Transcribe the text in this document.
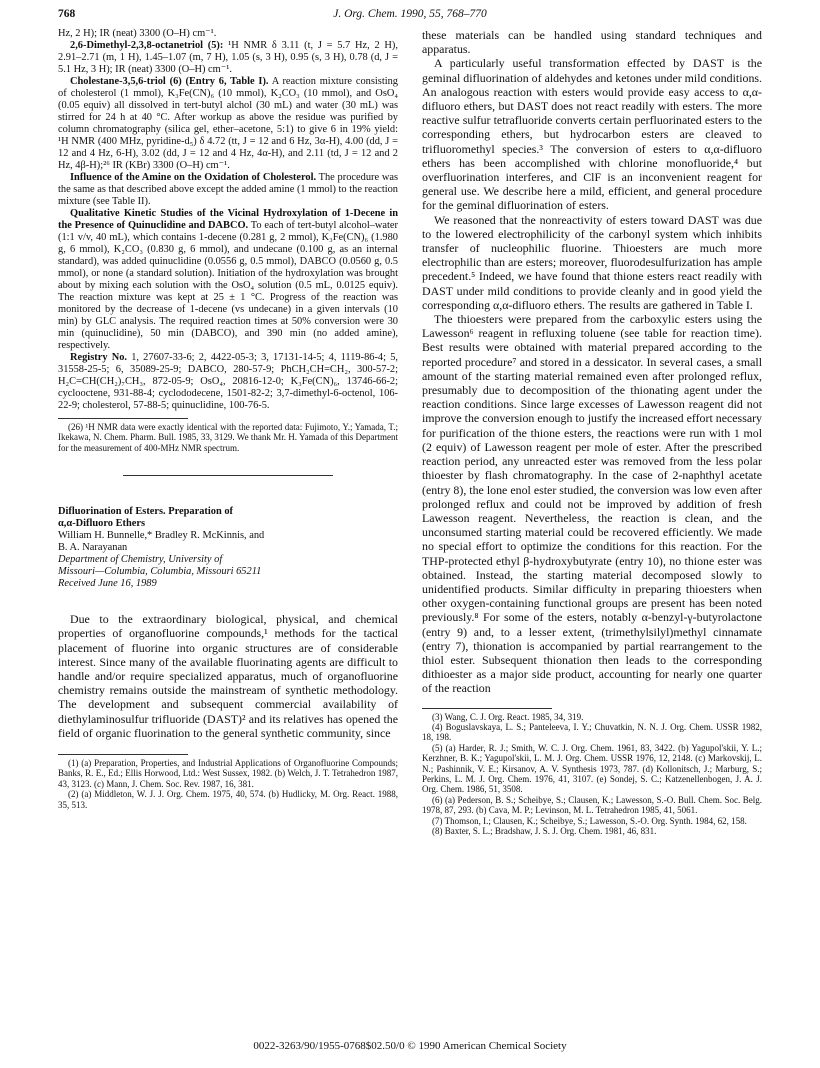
768	J. Org. Chem. 1990, 55, 768–770

Hz, 2 H); IR (neat) 3300 (O–H) cm⁻¹.

2,6-Dimethyl-2,3,8-octanetriol (5): ¹H NMR δ 3.11 (t, J = 5.7 Hz, 2 H), 2.91–2.71 (m, 1 H), 1.45–1.07 (m, 7 H), 1.05 (s, 3 H), 0.95 (s, 3 H), 0.78 (d, J = 5.1 Hz, 3 H); IR (neat) 3300 (O–H) cm⁻¹.

Cholestane-3,5,6-triol (6) (Entry 6, Table I). A reaction mixture consisting of cholesterol (1 mmol), K₃Fe(CN)₆ (10 mmol), K₂CO₃ (10 mmol), and OsO₄ (0.05 equiv) all dissolved in tert-butyl alchol (30 mL) and water (30 mL) was stirred for 24 h at 40 °C. After workup as above the residue was purified by column chromatography (silica gel, ether–acetone, 5:1) to give 6 in 19% yield: ¹H NMR (400 MHz, pyridine-d₅) δ 4.72 (tt, J = 12 and 6 Hz, 3α-H), 4.00 (dd, J = 12 and 4 Hz, 6-H), 3.02 (dd, J = 12 and 4 Hz, 4α-H), and 2.11 (td, J = 12 and 2 Hz, 4β-H);²⁶ IR (KBr) 3300 (O–H) cm⁻¹.

Influence of the Amine on the Oxidation of Cholesterol. The procedure was the same as that described above except the added amine (1 mmol) to the reaction mixture (see Table II).

Qualitative Kinetic Studies of the Vicinal Hydroxylation of 1-Decene in the Presence of Quinuclidine and DABCO. To each of tert-butyl alcohol–water (1:1 v/v, 40 mL), which contains 1-decene (0.281 g, 2 mmol), K₃Fe(CN)₆ (1.980 g, 6 mmol), K₂CO₃ (0.830 g, 6 mmol), and undecane (0.100 g, as an internal standard), was added quinuclidine (0.0556 g, 0.5 mmol), DABCO (0.0560 g, 0.5 mmol), or none (a standard solution). Initiation of the hydroxylation was brought about by mixing each solution with the OsO₄ solution (0.5 mL, 0.0125 equiv). The reaction mixture was kept at 25 ± 1 °C. Progress of the reaction was monitored by the decrease of 1-decene (vs undecane) in a given intervals (10 min) by GLC analysis. The required reaction times at 50% conversion were 30 min (quinuclidine), 50 min (DABCO), and 390 min (no added amine), respectively.

Registry No. 1, 27607-33-6; 2, 4422-05-3; 3, 17131-14-5; 4, 1119-86-4; 5, 31558-25-5; 6, 35089-25-9; DABCO, 280-57-9; PhCH₂CH=CH₂, 300-57-2; H₂C=CH(CH₂)₇CH₃, 872-05-9; OsO₄, 20816-12-0; K₃Fe(CN)₆, 13746-66-2; cyclooctene, 931-88-4; cyclododecene, 1501-82-2; 3,7-dimethyl-6-octenol, 106-22-9; cholesterol, 57-88-5; quinuclidine, 100-76-5.

(26) ¹H NMR data were exactly identical with the reported data: Fujimoto, Y.; Yamada, T.; Ikekawa, N. Chem. Pharm. Bull. 1985, 33, 3129. We thank Mr. H. Yamada of this Department for the measurement of 400-MHz NMR spectrum.

Difluorination of Esters. Preparation of
α,α-Difluoro Ethers

William H. Bunnelle,* Bradley R. McKinnis, and
B. A. Narayanan

Department of Chemistry, University of
Missouri—Columbia, Columbia, Missouri 65211

Received June 16, 1989

Due to the extraordinary biological, physical, and chemical properties of organofluorine compounds,¹ methods for the tactical placement of fluorine into organic structures are of considerable interest. Since many of the available fluorinating agents are difficult to handle and/or require specialized apparatus, much of organofluorine chemistry remains outside the mainstream of synthetic methodology. The development and subsequent commercial availability of diethylaminosulfur trifluoride (DAST)² and its relatives has opened the field of organic fluorination to the general synthetic community, since

(1) (a) Preparation, Properties, and Industrial Applications of Organofluorine Compounds; Banks, R. E., Ed.; Ellis Horwood, Ltd.: West Sussex, 1982. (b) Welch, J. T. Tetrahedron 1987, 43, 3123. (c) Mann, J. Chem. Soc. Rev. 1987, 16, 381.

(2) (a) Middleton, W. J. J. Org. Chem. 1975, 40, 574. (b) Hudlicky, M. Org. React. 1988, 35, 513.

these materials can be handled using standard techniques and apparatus.

A particularly useful transformation effected by DAST is the geminal difluorination of aldehydes and ketones under mild conditions. An analogous reaction with esters would provide easy access to α,α-difluoro ethers, but DAST does not react readily with esters. The more reactive sulfur tetrafluoride converts certain perfluorinated esters to the corresponding ethers, but hydrocarbon esters are cleaved to trifluoromethyl species.³ The conversion of esters to α,α-difluoro ethers has been accomplished with chlorine monofluoride,⁴ but overfluorination interferes, and ClF is an inconvenient reagent for general use. We describe here a mild, efficient, and general procedure for the geminal difluorination of esters.

We reasoned that the nonreactivity of esters toward DAST was due to the lowered electrophilicity of the carbonyl system which inhibits transfer of nucleophilic fluorine. Thioesters are much more electrophilic than are esters; moreover, fluorodesulfurization has ample precedent.⁵ Indeed, we have found that thione esters react readily with DAST under mild conditions to provide cleanly and in good yield the corresponding α,α-difluoro ethers. The results are gathered in Table I.

The thioesters were prepared from the carboxylic esters using the Lawesson⁶ reagent in refluxing toluene (see table for reaction time). Best results were obtained with material prepared according to the reported procedure⁷ and stored in a dessicator. In several cases, a small amount of the starting material remained even after prolonged reflux, presumably due to decomposition of the thionating agent under the reaction conditions. Since large excesses of Lawesson reagent did not improve the conversion enough to justify the increased effort necessary for purification of the thione esters, the reactions were run with 1 mol (2 equiv) of Lawesson reagent per mole of ester. After the prescribed reaction period, any unreacted ester was removed from the less polar thioester by flash chromatography. In the case of 2-naphthyl acetate (entry 8), the lone enol ester studied, the conversion was low even after prolonged reflux and could not be improved by addition of fresh Lawesson reagent. Nevertheless, the reaction is clean, and the unconsumed starting material could be recovered efficiently. We made no special effort to optimize the conditions for this reaction. For the THP-protected ethyl β-hydroxybutyrate (entry 10), no thione ester was obtained. Instead, the starting material decomposed slowly to unidentified products. Similar difficulty in preparing thioesters when other oxygen-containing functional groups are present has been noted previously.⁸ For some of the esters, notably α-benzyl-γ-butyrolactone (entry 9) and, to a lesser extent, (trimethylsilyl)methyl cinnamate (entry 7), thionation is accompanied by partial rearrangement to the thiol ester. Subsequent thionation then leads to the corresponding dithioester as a major side product, accounting for nearly one quarter of the reaction

(3) Wang, C. J. Org. React. 1985, 34, 319.

(4) Boguslavskaya, L. S.; Panteleeva, I. Y.; Chuvatkin, N. N. J. Org. Chem. USSR 1982, 18, 198.

(5) (a) Harder, R. J.; Smith, W. C. J. Org. Chem. 1961, 83, 3422. (b) Yagupol'skii, Y. L.; Kerzhner, B. K.; Yagupol'skii, L. M. J. Org. Chem. USSR 1976, 12, 2148. (c) Markovskij, L. N.; Pashinnik, V. E.; Kirsanov, A. V. Synthesis 1973, 787. (d) Kollonitsch, J.; Marburg, S.; Perkins, L. M. J. Org. Chem. 1976, 41, 3107. (e) Sondej, S. C.; Katzenellenbogen, J. A. J. Org. Chem. 1986, 51, 3508.

(6) (a) Pederson, B. S.; Scheibye, S.; Clausen, K.; Lawesson, S.-O. Bull. Chem. Soc. Belg. 1978, 87, 293. (b) Cava, M. P.; Levinson, M. L. Tetrahedron 1985, 41, 5061.

(7) Thomson, I.; Clausen, K.; Scheibye, S.; Lawesson, S.-O. Org. Synth. 1984, 62, 158.

(8) Baxter, S. L.; Bradshaw, J. S. J. Org. Chem. 1981, 46, 831.

0022-3263/90/1955-0768$02.50/0 © 1990 American Chemical Society
